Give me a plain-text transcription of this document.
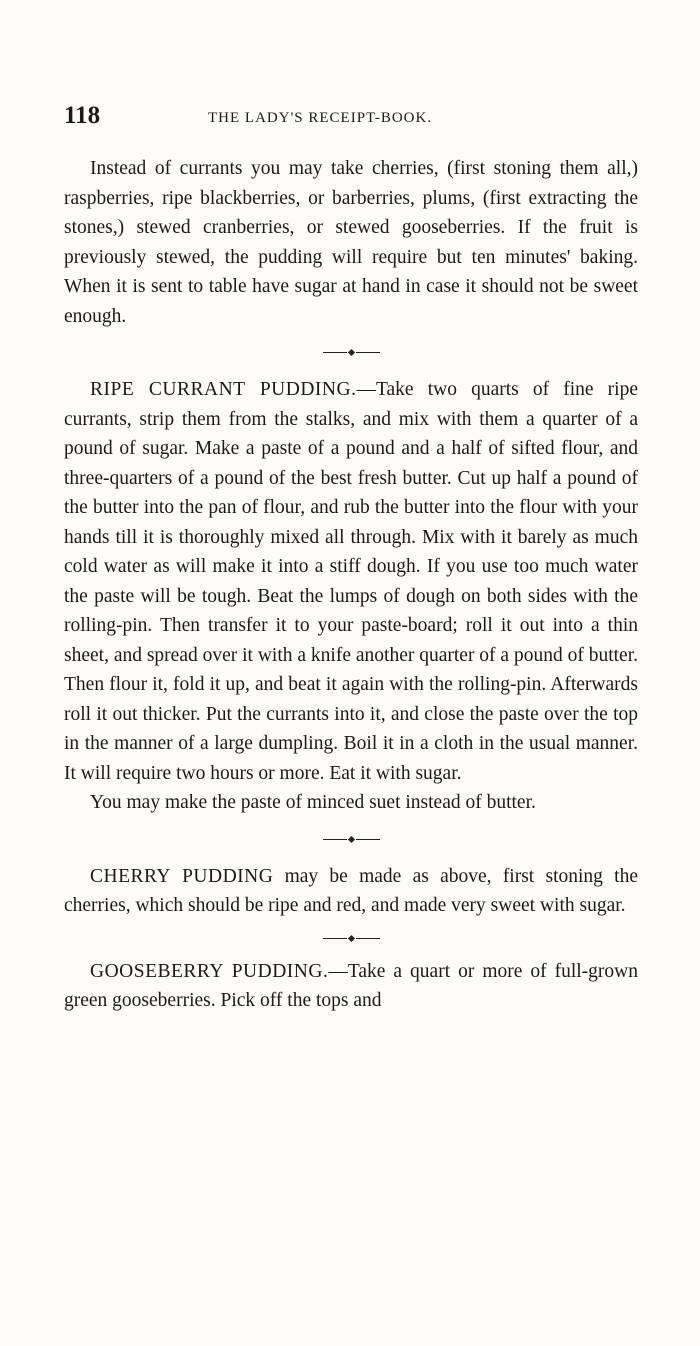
118	THE LADY'S RECEIPT-BOOK.

Instead of currants you may take cherries, (first stoning them all,) raspberries, ripe blackberries, or barberries, plums, (first extracting the stones,) stewed cranberries, or stewed gooseberries. If the fruit is previously stewed, the pudding will require but ten minutes' baking. When it is sent to table have sugar at hand in case it should not be sweet enough.

RIPE CURRANT PUDDING.—Take two quarts of fine ripe currants, strip them from the stalks, and mix with them a quarter of a pound of sugar. Make a paste of a pound and a half of sifted flour, and three-quarters of a pound of the best fresh butter. Cut up half a pound of the butter into the pan of flour, and rub the butter into the flour with your hands till it is thoroughly mixed all through. Mix with it barely as much cold water as will make it into a stiff dough. If you use too much water the paste will be tough. Beat the lumps of dough on both sides with the rolling-pin. Then transfer it to your paste-board; roll it out into a thin sheet, and spread over it with a knife another quarter of a pound of butter. Then flour it, fold it up, and beat it again with the rolling-pin. Afterwards roll it out thicker. Put the currants into it, and close the paste over the top in the manner of a large dumpling. Boil it in a cloth in the usual manner. It will require two hours or more. Eat it with sugar.

You may make the paste of minced suet instead of butter.

CHERRY PUDDING may be made as above, first stoning the cherries, which should be ripe and red, and made very sweet with sugar.

GOOSEBERRY PUDDING.—Take a quart or more of full-grown green gooseberries. Pick off the tops and
